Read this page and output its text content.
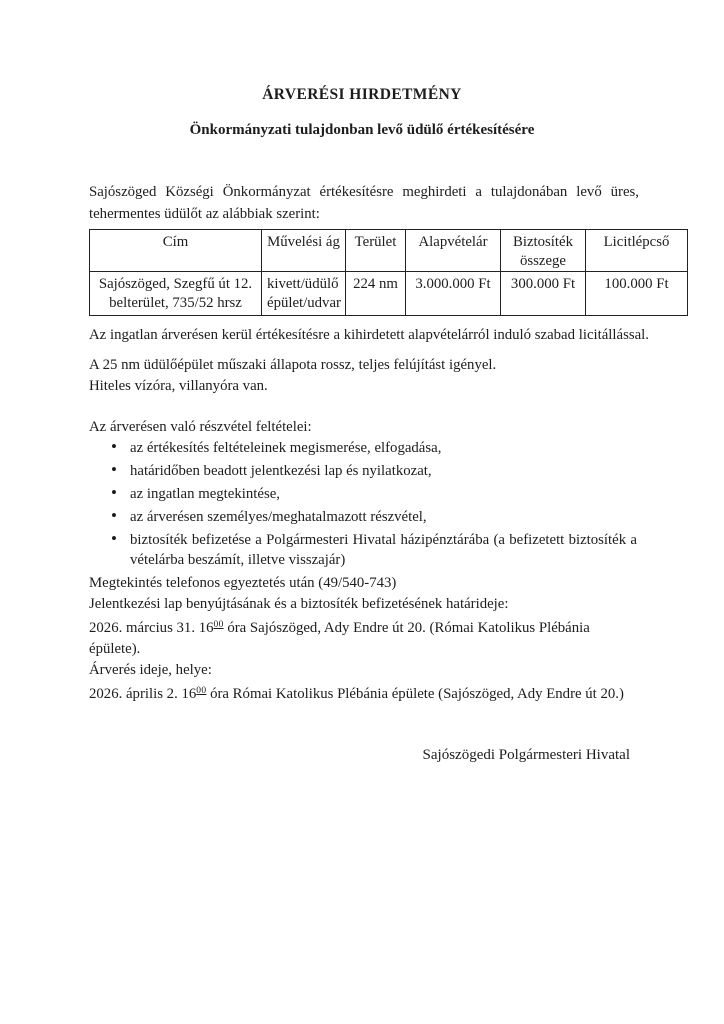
ÁRVERÉSI HIRDETMÉNY
Önkormányzati tulajdonban levő üdülő értékesítésére
Sajószöged Községi Önkormányzat értékesítésre meghirdeti a tulajdonában levő üres,
tehermentes üdülőt az alábbiak szerint:
Cím	Művelési ág	Terület	Alapvételár	Biztosíték összege	Licitlépcső
Sajószöged, Szegfű út 12. belterület, 735/52 hrsz	kivett/üdülő épület/udvar	224 nm	3.000.000 Ft	300.000 Ft	100.000 Ft

Az ingatlan árverésen kerül értékesítésre a kihirdetett alapvételárról induló szabad licitállással.

A 25 nm üdülőépület műszaki állapota rossz, teljes felújítást igényel.
Hiteles vízóra, villanyóra van.

Az árverésen való részvétel feltételei:

• az értékesítés feltételeinek megismerése, elfogadása,
• határidőben beadott jelentkezési lap és nyilatkozat,
• az ingatlan megtekintése,
• az árverésen személyes/meghatalmazott részvétel,
• biztosíték befizetése a Polgármesteri Hivatal házipénztárába (a befizetett biztosíték a vételárba beszámít, illetve visszajár)
Megtekintés telefonos egyeztetés után (49/540-743)
Jelentkezési lap benyújtásának és a biztosíték befizetésének határideje:
2026. március 31. $16^{00}$ óra Sajószöged, Ady Endre út 20. (Római Katolikus Plébánia épülete).
Árverés ideje, helye:
2026. április 2. $16^{00}$ óra Római Katolikus Plébánia épülete (Sajószöged, Ady Endre út 20.)
Sajószögedi Polgármesteri Hivatal
